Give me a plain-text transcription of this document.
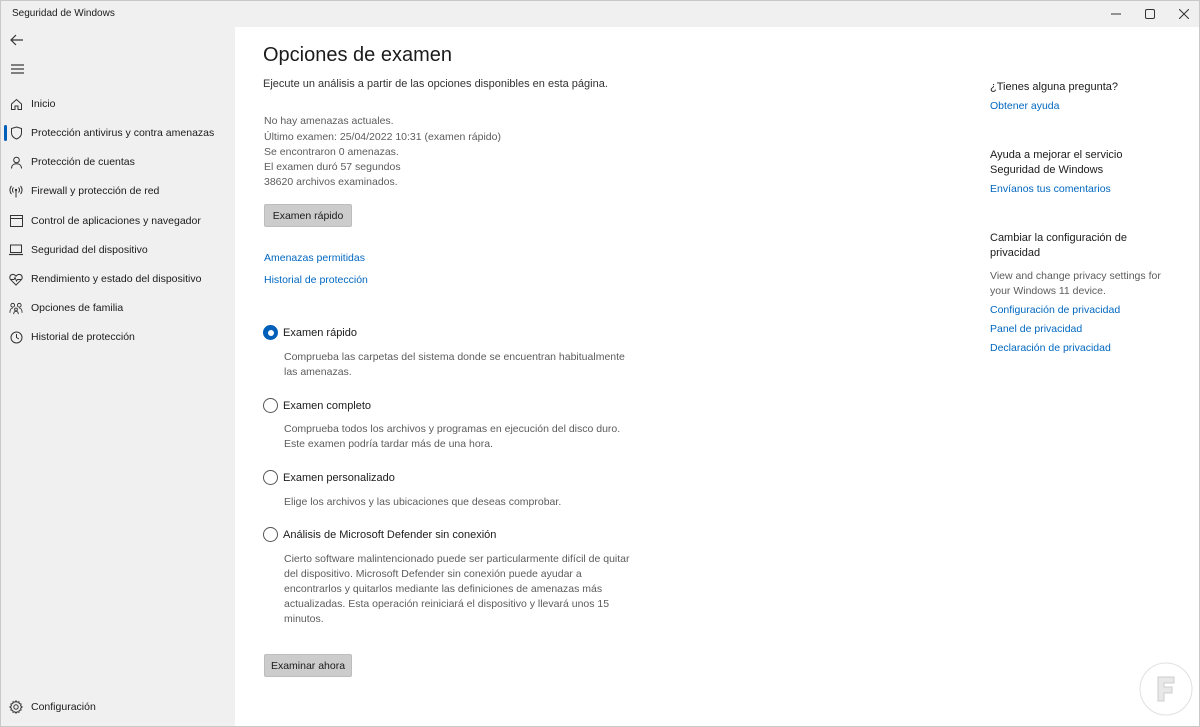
Seguridad de Windows
Inicio
Protección antivirus y contra amenazas
Protección de cuentas
Firewall y protección de red
Control de aplicaciones y navegador
Seguridad del dispositivo
Rendimiento y estado del dispositivo
Opciones de familia
Historial de protección
Configuración
Opciones de examen
Ejecute un análisis a partir de las opciones disponibles en esta página.
No hay amenazas actuales.
Último examen: 25/04/2022 10:31 (examen rápido)
Se encontraron 0 amenazas.
El examen duró 57 segundos
38620 archivos examinados.
Examen rápido
Amenazas permitidas
Historial de protección
Examen rápido
Comprueba las carpetas del sistema donde se encuentran habitualmente las amenazas.
Examen completo
Comprueba todos los archivos y programas en ejecución del disco duro. Este examen podría tardar más de una hora.
Examen personalizado
Elige los archivos y las ubicaciones que deseas comprobar.
Análisis de Microsoft Defender sin conexión
Cierto software malintencionado puede ser particularmente difícil de quitar del dispositivo. Microsoft Defender sin conexión puede ayudar a encontrarlos y quitarlos mediante las definiciones de amenazas más actualizadas. Esta operación reiniciará el dispositivo y llevará unos 15 minutos.
Examinar ahora
¿Tienes alguna pregunta?
Obtener ayuda
Ayuda a mejorar el servicio Seguridad de Windows
Envíanos tus comentarios
Cambiar la configuración de privacidad
View and change privacy settings for your Windows 11 device.
Configuración de privacidad
Panel de privacidad
Declaración de privacidad
